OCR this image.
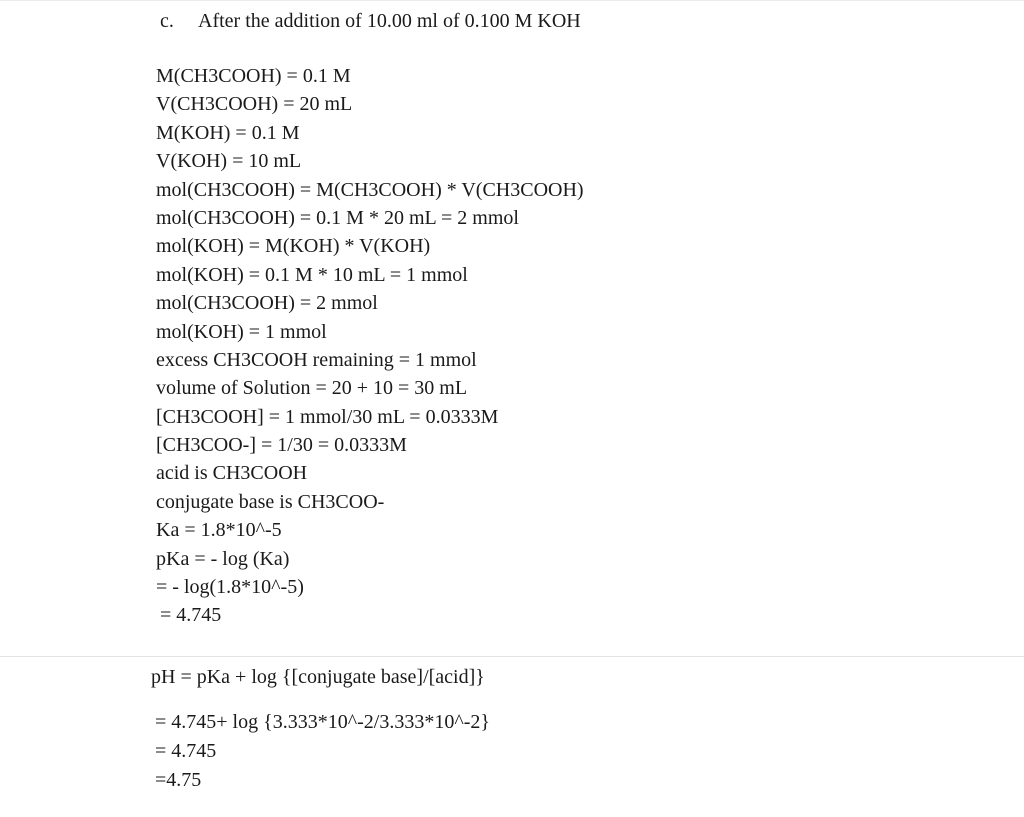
c. After the addition of 10.00 ml of 0.100 M KOH
M(CH3COOH) = 0.1 M
V(CH3COOH) = 20 mL
M(KOH) = 0.1 M
V(KOH) = 10 mL
mol(CH3COOH) = M(CH3COOH) * V(CH3COOH)
mol(CH3COOH) = 0.1 M * 20 mL = 2 mmol
mol(KOH) = M(KOH) * V(KOH)
mol(KOH) = 0.1 M * 10 mL = 1 mmol
mol(CH3COOH) = 2 mmol
mol(KOH) = 1 mmol
excess CH3COOH remaining = 1 mmol
volume of Solution = 20 + 10 = 30 mL
[CH3COOH] = 1 mmol/30 mL = 0.0333M
[CH3COO-] = 1/30 = 0.0333M
acid is CH3COOH
conjugate base is CH3COO-
Ka = 1.8*10^-5
pKa = - log (Ka)
= - log(1.8*10^-5)
= 4.745
pH = pKa + log {[conjugate base]/[acid]}
= 4.745+ log {3.333*10^-2/3.333*10^-2}
= 4.745
=4.75
